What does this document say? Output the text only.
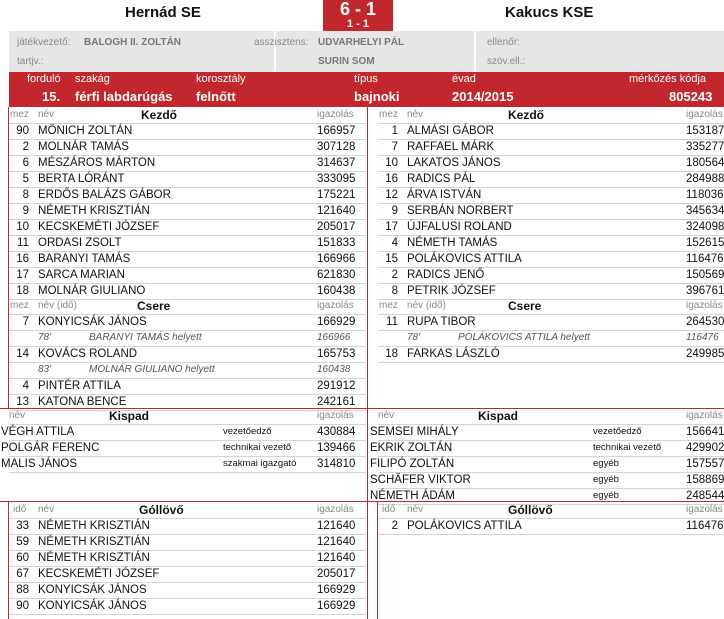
Hernád SE	6 - 1
1 - 1
Kakucs KSE
játékvezető: BALOGH II. ZOLTÁN
tartjv.:
asszisztens: UDVARHELYI PÁL
SURIN SOM
ellenőr:
szöv.ell.:
forduló
15.
szakág
férfi labdarúgás
korosztály
felnőtt
típus
bajnoki
évad
2014/2015
mérkőzés kódja
805243
mez név	Kezdő	igazolás
90 MÖNICH ZOLTÁN	166957
2 MOLNÁR TAMÁS	307128
6 MÉSZÁROS MÁRTON	314637
5 BERTA LÓRÁNT	333095
8 ERDŐS BALÁZS GÁBOR	175221
9 NÉMETH KRISZTIÁN	121640
10 KECSKEMÉTI JÓZSEF	205017
11 ORDASI ZSOLT	151833
16 BARANYI TAMÁS	166966
17 SARCA MARIAN	621830
18 MOLNÁR GIULIANO	160438
mez név	Kezdő	igazolás
1 ALMÁSI GÁBOR	153187
7 RAFFAEL MÁRK	335277
10 LAKATOS JÁNOS	180564
16 RADICS PÁL	284988
12 ÁRVA ISTVÁN	118036
9 SERBÁN NORBERT	345634
17 ÚJFALUSI ROLAND	324098
4 NÉMETH TAMÁS	152615
15 POLÁKOVICS ATTILA	116476
2 RADICS JENŐ	150569
8 PETRIK JÓZSEF	396761
mez név (idő)	Csere	igazolás
7 KONYICSÁK JÁNOS	166929
78'	BARANYI TAMÁS helyett	166966
14 KOVÁCS ROLAND	165753
83'	MOLNÁR GIULIANO helyett	160438
4 PINTÉR ATTILA	291912
13 KATONA BENCE	242161
mez név (idő)	Csere	igazolás
11 RUPA TIBOR	264530
78'	POLÁKOVICS ATTILA helyett	116476
18 FARKAS LÁSZLÓ	249985
név	Kispad	igazolás
VÉGH ATTILA	vezetőedző	430884
POLGÁR FERENC	technikai vezető 139466
MALIS JÁNOS	szakmai igazgató 314810
név	Kispad	igazolás
SEMSEI MIHÁLY	vezetőedző	156641
EKRIK ZOLTÁN	technikai vezető 429902
FILIPÓ ZOLTÁN	egyéb	157557
SCHÄFER VIKTOR	egyéb	158869
NÉMETH ÁDÁM	egyéb	248544
idő név	Góllövő	igazolás
33 NÉMETH KRISZTIÁN	121640
59 NÉMETH KRISZTIÁN	121640
60 NÉMETH KRISZTIÁN	121640
67 KECSKEMÉTI JÓZSEF	205017
88 KONYICSÁK JÁNOS	166929
90 KONYICSÁK JÁNOS	166929
idő név	Góllövő	igazolás
2 POLÁKOVICS ATTILA	116476
